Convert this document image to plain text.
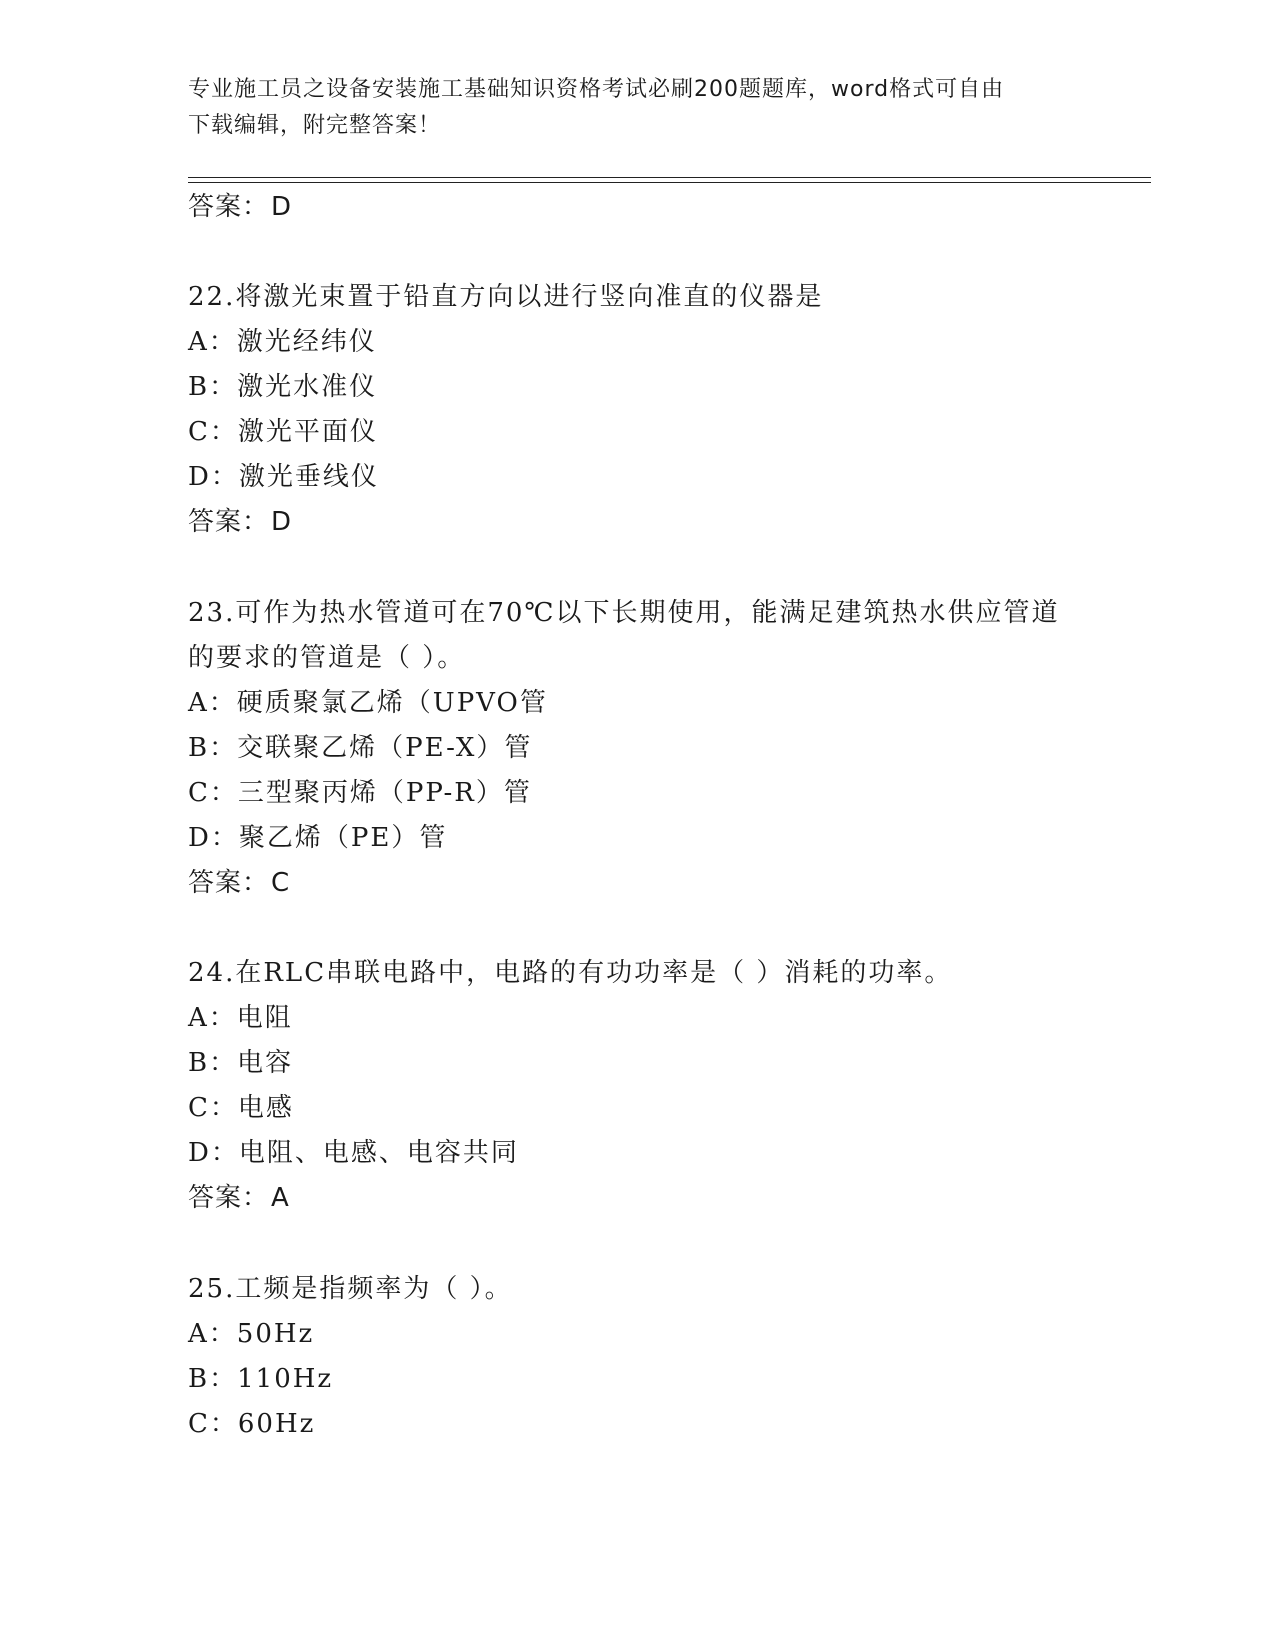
专业施工员之设备安装施工基础知识资格考试必刷200题题库，word格式可自由
下载编辑，附完整答案！
答案：D
22.将激光束置于铅直方向以进行竖向准直的仪器是
A：激光经纬仪
B：激光水准仪
C：激光平面仪
D：激光垂线仪
答案：D
23.可作为热水管道可在70℃以下长期使用，能满足建筑热水供应管道
的要求的管道是（ ）。
A：硬质聚氯乙烯（UPVO管
B：交联聚乙烯（PE-X）管
C：三型聚丙烯（PP-R）管
D：聚乙烯（PE）管
答案：C
24.在RLC串联电路中，电路的有功功率是（ ）消耗的功率。
A：电阻
B：电容
C：电感
D：电阻、电感、电容共同
答案：A
25.工频是指频率为（ ）。
A：50Hz
B：110Hz
C：60Hz
